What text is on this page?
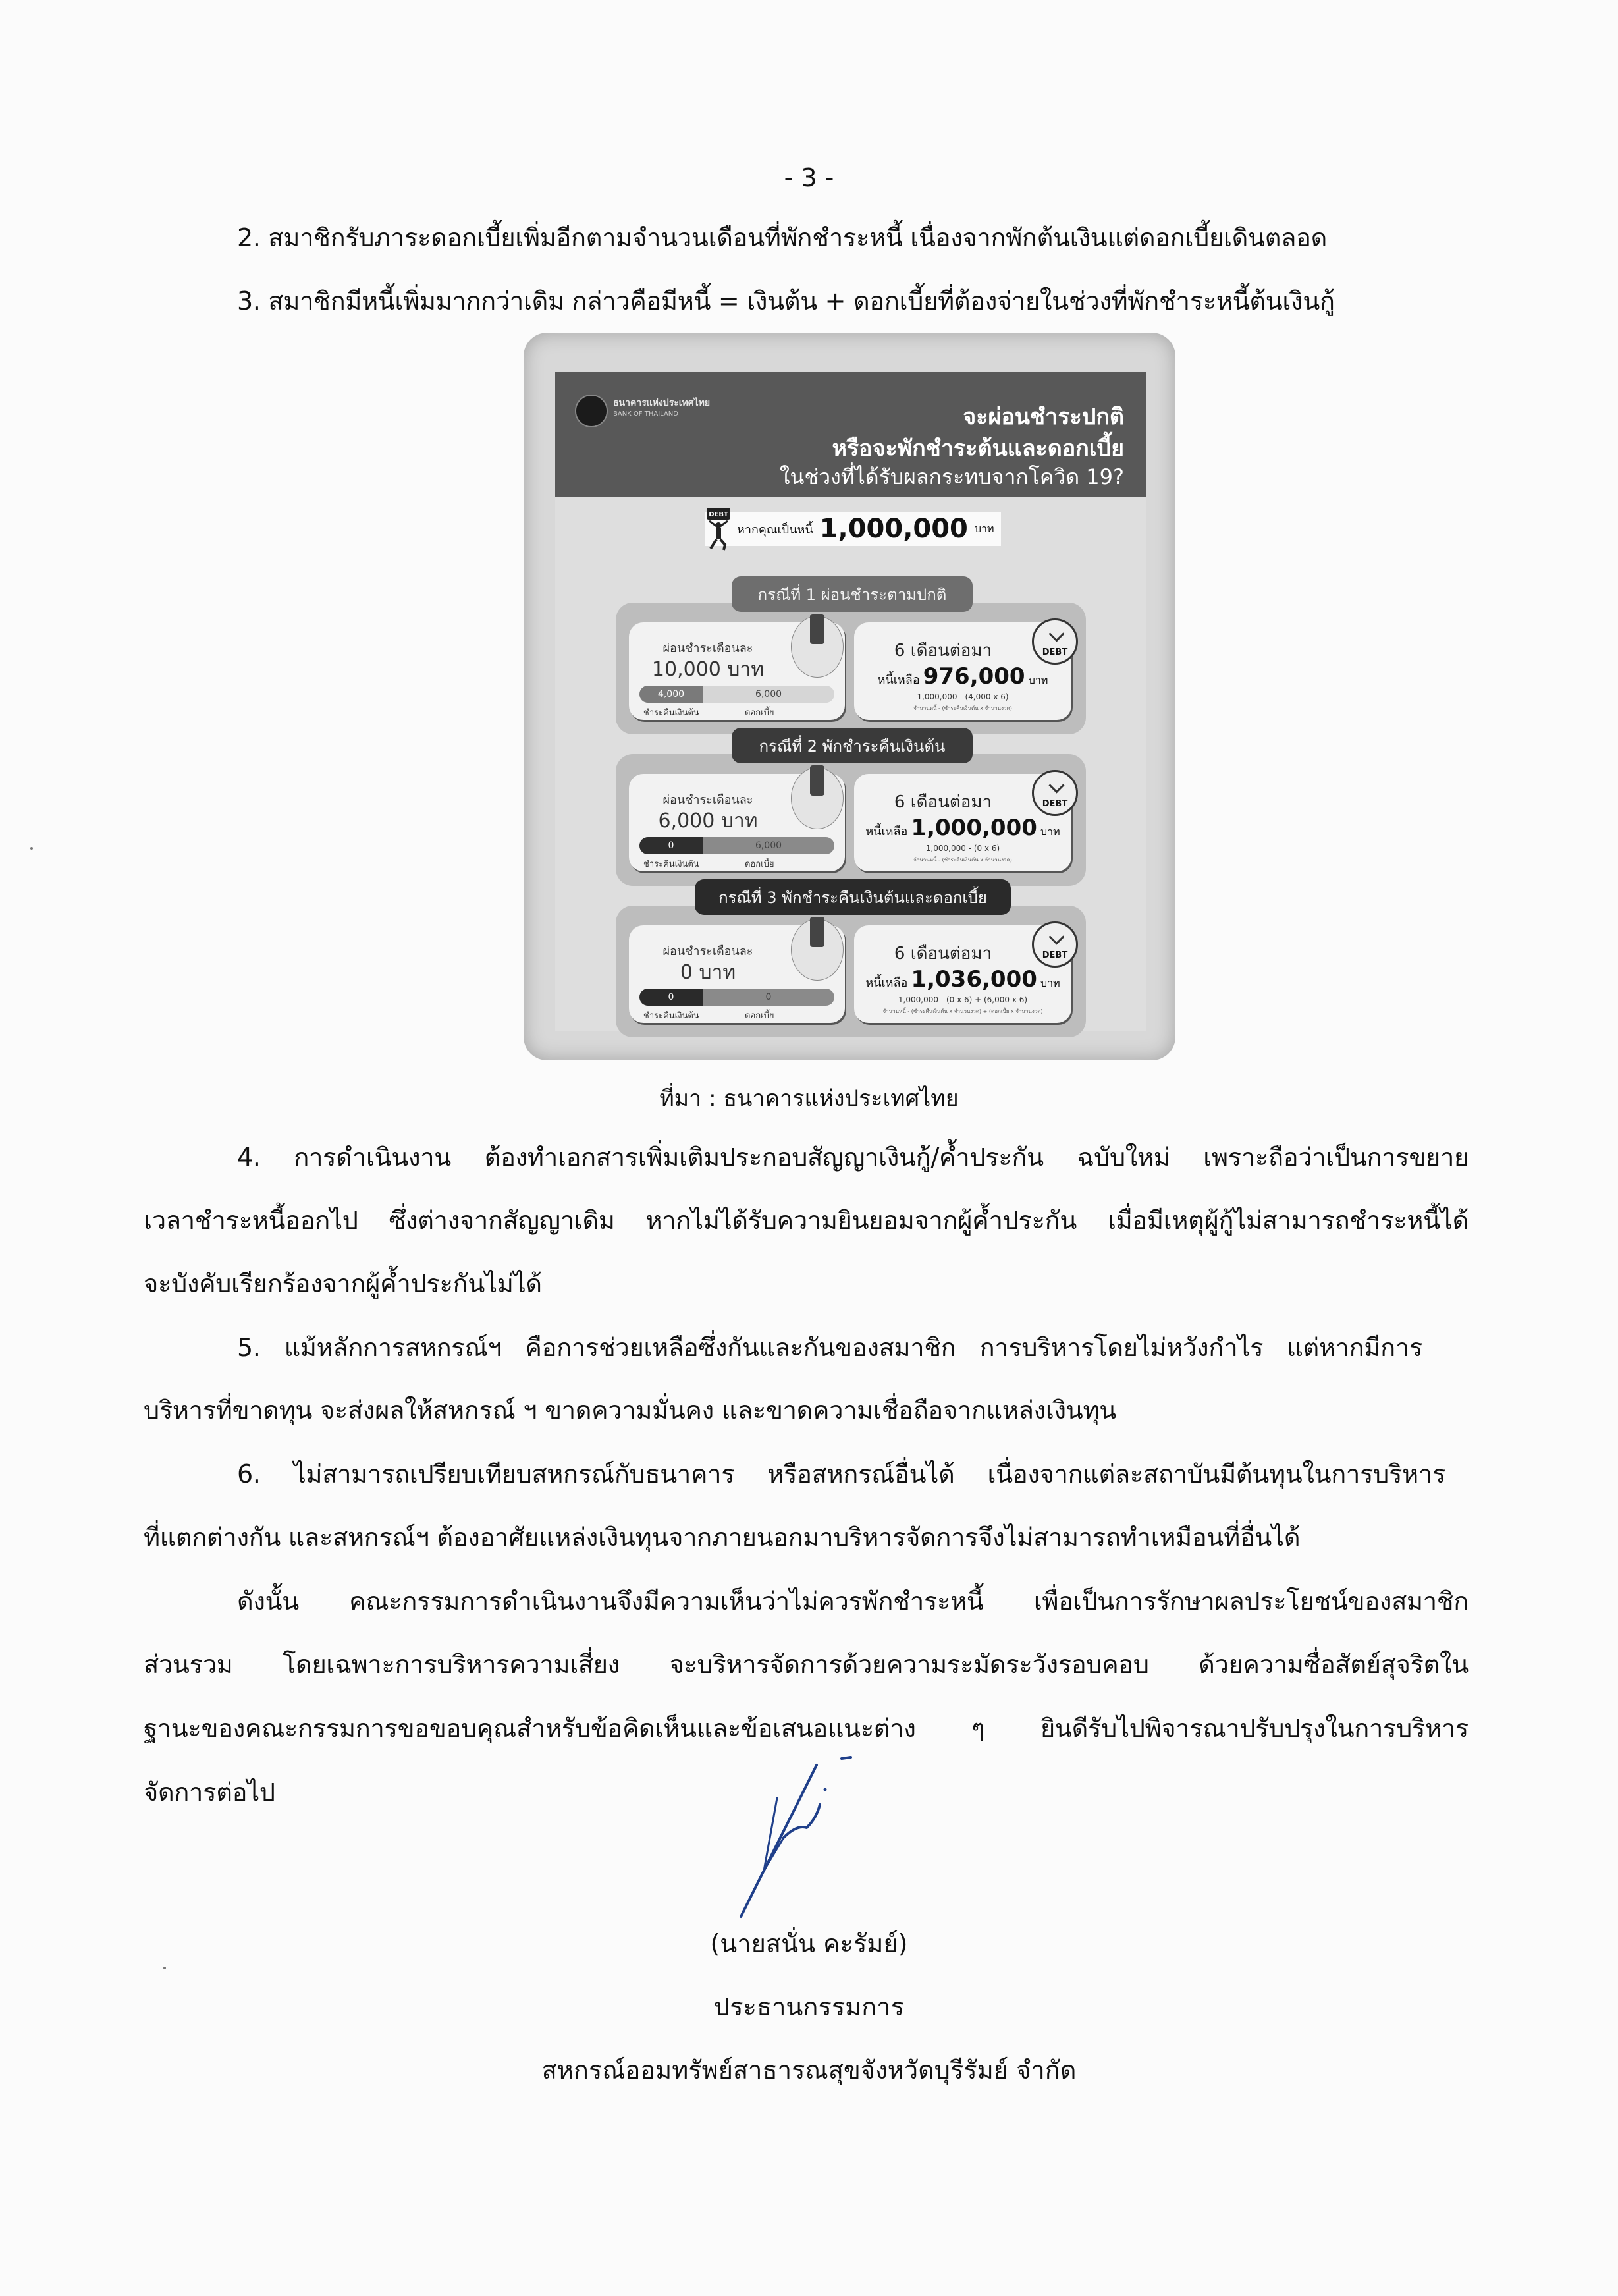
- 3 -
2. สมาชิกรับภาระดอกเบี้ยเพิ่มอีกตามจำนวนเดือนที่พักชำระหนี้ เนื่องจากพักต้นเงินแต่ดอกเบี้ยเดินตลอด
3. สมาชิกมีหนี้เพิ่มมากกว่าเดิม กล่าวคือมีหนี้ = เงินต้น + ดอกเบี้ยที่ต้องจ่ายในช่วงที่พักชำระหนี้ต้นเงินกู้
ธนาคารแห่งประเทศไทย
BANK OF THAILAND	จะผ่อนชำระปกติ
หรือจะพักชำระต้นและดอกเบี้ย
ในช่วงที่ได้รับผลกระทบจากโควิด 19?
DEBT
หากคุณเป็นหนี้ 1,000,000 บาท
กรณีที่ 1 ผ่อนชำระตามปกติ
ผ่อนชำระเดือนละ
10,000 บาท
4,000	6,000
ชำระคืนเงินต้น	ดอกเบี้ย
6 เดือนต่อมา	DEBT
หนี้เหลือ 976,000 บาท
1,000,000 - (4,000 x 6)
จำนวนหนี้ - (ชำระคืนเงินต้น x จำนวนงวด)
กรณีที่ 2 พักชำระคืนเงินต้น
ผ่อนชำระเดือนละ
6,000 บาท
0	6,000
ชำระคืนเงินต้น	ดอกเบี้ย
6 เดือนต่อมา	DEBT
หนี้เหลือ 1,000,000 บาท
1,000,000 - (0 x 6)
จำนวนหนี้ - (ชำระคืนเงินต้น x จำนวนงวด)
กรณีที่ 3 พักชำระคืนเงินต้นและดอกเบี้ย
ผ่อนชำระเดือนละ
0 บาท
0	0
ชำระคืนเงินต้น	ดอกเบี้ย
6 เดือนต่อมา	DEBT
หนี้เหลือ 1,036,000 บาท
1,000,000 - (0 x 6) + (6,000 x 6)
จำนวนหนี้ - (ชำระคืนเงินต้น x จำนวนงวด) + (ดอกเบี้ย x จำนวนงวด)
ที่มา : ธนาคารแห่งประเทศไทย
4. การดำเนินงาน ต้องทำเอกสารเพิ่มเติมประกอบสัญญาเงินกู้/ค้ำประกัน ฉบับใหม่ เพราะถือว่าเป็นการขยาย
เวลาชำระหนี้ออกไป ซึ่งต่างจากสัญญาเดิม หากไม่ได้รับความยินยอมจากผู้ค้ำประกัน เมื่อมีเหตุผู้กู้ไม่สามารถชำระหนี้ได้
จะบังคับเรียกร้องจากผู้ค้ำประกันไม่ได้
5. แม้หลักการสหกรณ์ฯ คือการช่วยเหลือซึ่งกันและกันของสมาชิก การบริหารโดยไม่หวังกำไร แต่หากมีการ
บริหารที่ขาดทุน จะส่งผลให้สหกรณ์ ฯ ขาดความมั่นคง และขาดความเชื่อถือจากแหล่งเงินทุน
6. ไม่สามารถเปรียบเทียบสหกรณ์กับธนาคาร หรือสหกรณ์อื่นได้ เนื่องจากแต่ละสถาบันมีต้นทุนในการบริหาร
ที่แตกต่างกัน และสหกรณ์ฯ ต้องอาศัยแหล่งเงินทุนจากภายนอกมาบริหารจัดการจึงไม่สามารถทำเหมือนที่อื่นได้
ดังนั้น คณะกรรมการดำเนินงานจึงมีความเห็นว่าไม่ควรพักชำระหนี้ เพื่อเป็นการรักษาผลประโยชน์ของสมาชิก
ส่วนรวม โดยเฉพาะการบริหารความเสี่ยง จะบริหารจัดการด้วยความระมัดระวังรอบคอบ ด้วยความซื่อสัตย์สุจริตใน
ฐานะของคณะกรรมการขอขอบคุณสำหรับข้อคิดเห็นและข้อเสนอแนะต่าง ๆ ยินดีรับไปพิจารณาปรับปรุงในการบริหาร
จัดการต่อไป
(นายสนั่น คะรัมย์)
ประธานกรรมการ
สหกรณ์ออมทรัพย์สาธารณสุขจังหวัดบุรีรัมย์ จำกัด
